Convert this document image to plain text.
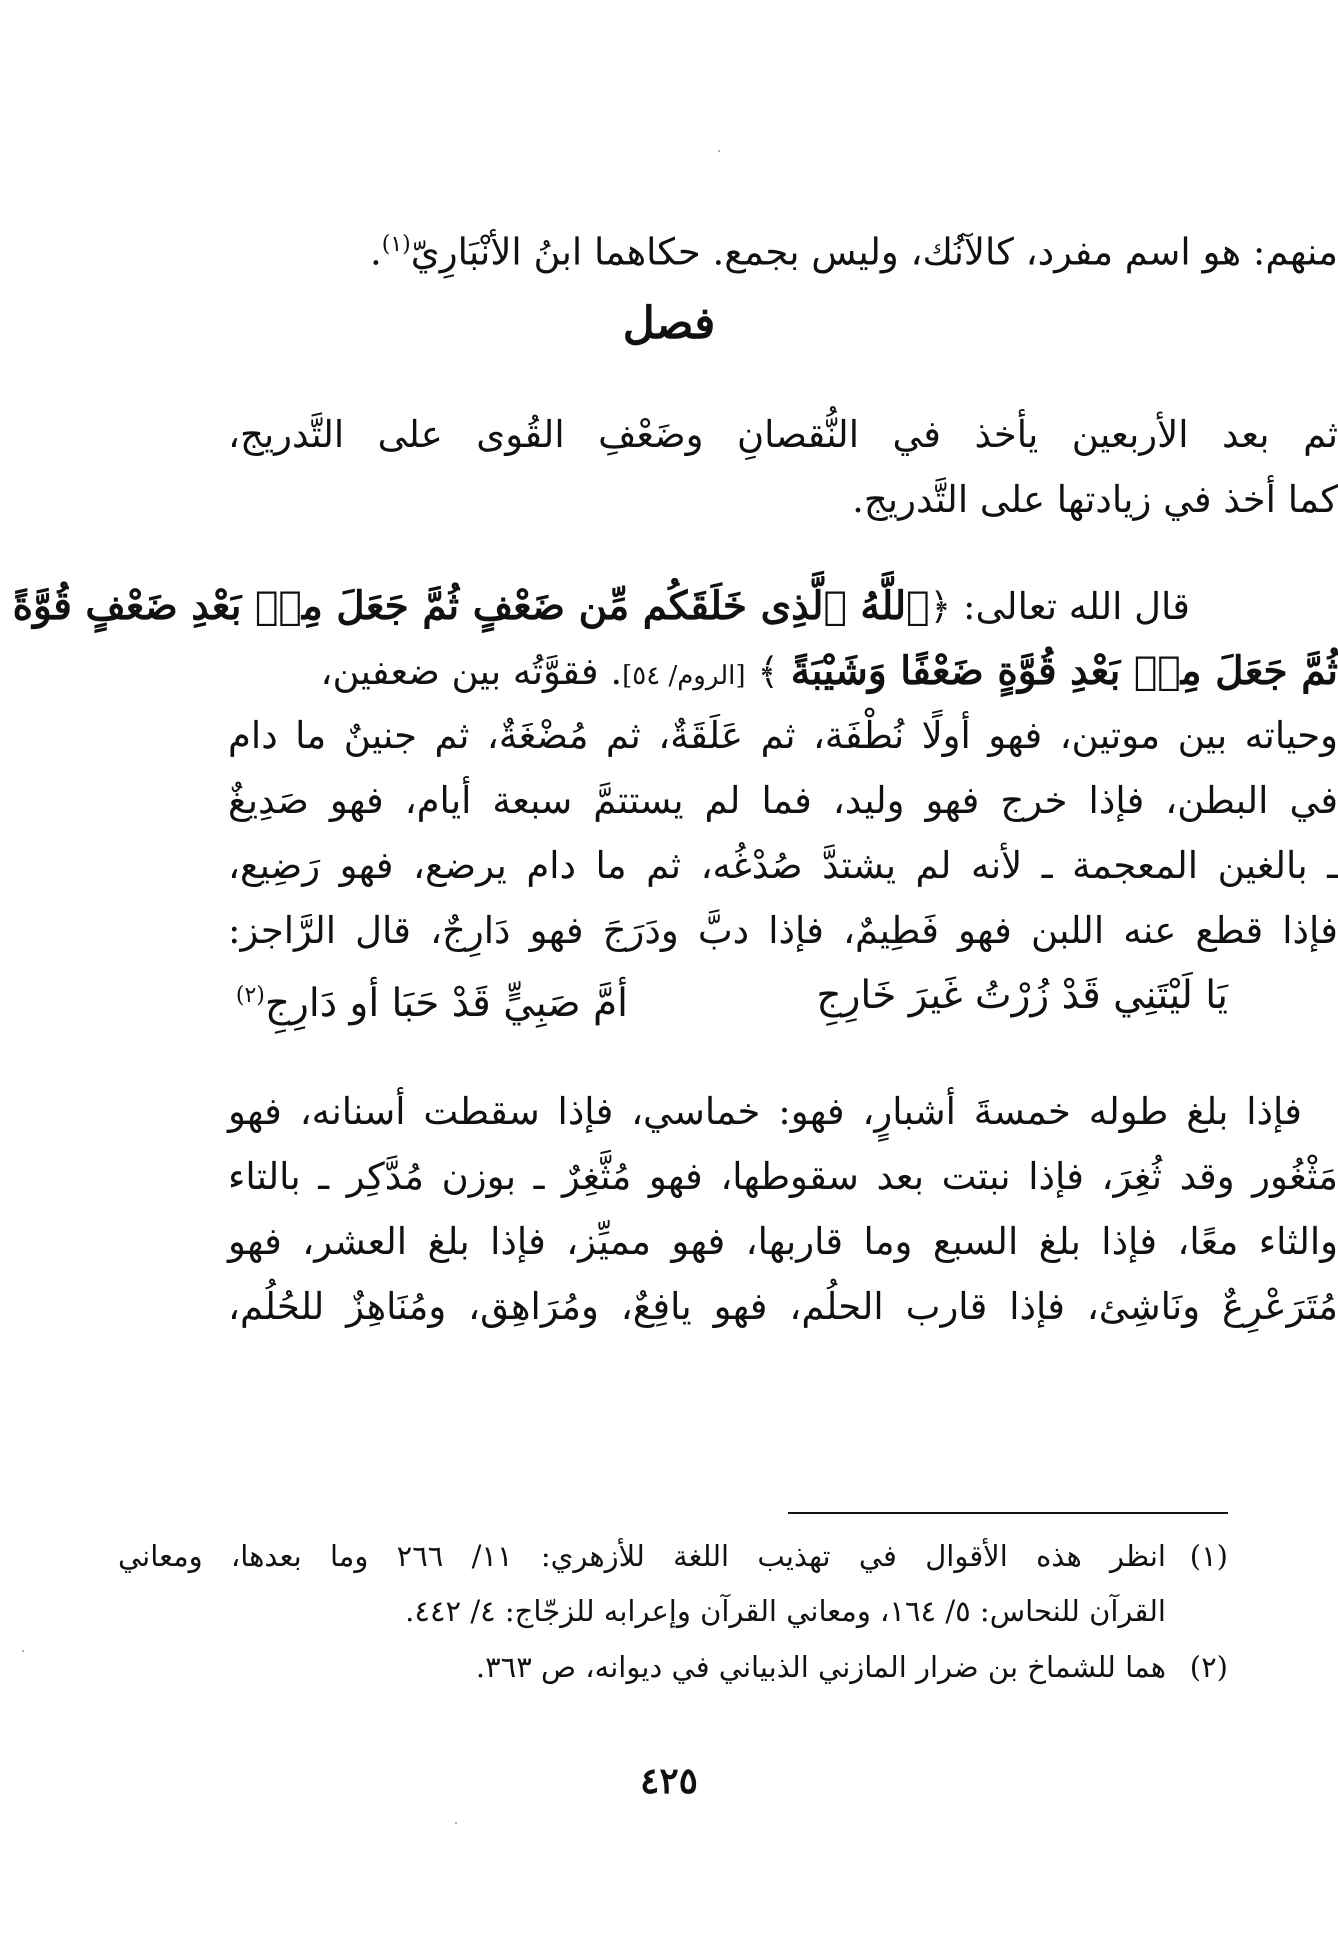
منهم: هو اسم مفرد، كالآنُك، وليس بجمع. حكاهما ابنُ الأنْبَارِيّ$^{(١)}$.
فصل
ثم بعد الأربعين يأخذ في النُّقصانِ وضَعْفِ القُوى على التَّدريج،
كما أخذ في زيادتها على التَّدريج.
قال الله تعالى: ﴿ٱللَّهُ ٱلَّذِى خَلَقَكُم مِّن ضَعْفٍ ثُمَّ جَعَلَ مِنۢ بَعْدِ ضَعْفٍ قُوَّةً
ثُمَّ جَعَلَ مِنۢ بَعْدِ قُوَّةٍ ضَعْفًا وَشَيْبَةً ﴾ [الروم/ ٥٤]. فقوَّتُه بين ضعفين،
وحياته بين موتين، فهو أولًا نُطْفَة، ثم عَلَقَةٌ، ثم مُضْغَةٌ، ثم جنينٌ ما دام
في البطن، فإذا خرج فهو وليد، فما لم يستتمَّ سبعة أيام، فهو صَدِيغٌ
ـ بالغين المعجمة ـ لأنه لم يشتدَّ صُدْغُه، ثم ما دام يرضع، فهو رَضِيع،
فإذا قطع عنه اللبن فهو فَطِيمٌ، فإذا دبَّ ودَرَجَ فهو دَارِجٌ، قال الرَّاجز:
يَا لَيْتَنِي قَدْ زُرْتُ غَيرَ خَارِجِ
أمَّ صَبِيٍّ قَدْ حَبَا أو دَارِجِ$^{(٢)}$
فإذا بلغ طوله خمسةَ أشبارٍ، فهو: خماسي، فإذا سقطت أسنانه، فهو
مَثْغُور وقد ثُغِرَ، فإذا نبتت بعد سقوطها، فهو مُثَّغِرٌ ـ بوزن مُدَّكِر ـ بالتاء
والثاء معًا، فإذا بلغ السبع وما قاربها، فهو مميِّز، فإذا بلغ العشر، فهو
مُتَرَعْرِعٌ ونَاشِئ، فإذا قارب الحلُم، فهو يافِعٌ، ومُرَاهِق، ومُنَاهِزٌ للحُلُم،
(١)انظر هذه الأقوال في تهذيب اللغة للأزهري: ١١/ ٢٦٦ وما بعدها، ومعاني
القرآن للنحاس: ٥/ ١٦٤، ومعاني القرآن وإعرابه للزجّاج: ٤/ ٤٤٢.
(٢)هما للشماخ بن ضرار المازني الذبياني في ديوانه، ص ٣٦٣.
٤٢٥
